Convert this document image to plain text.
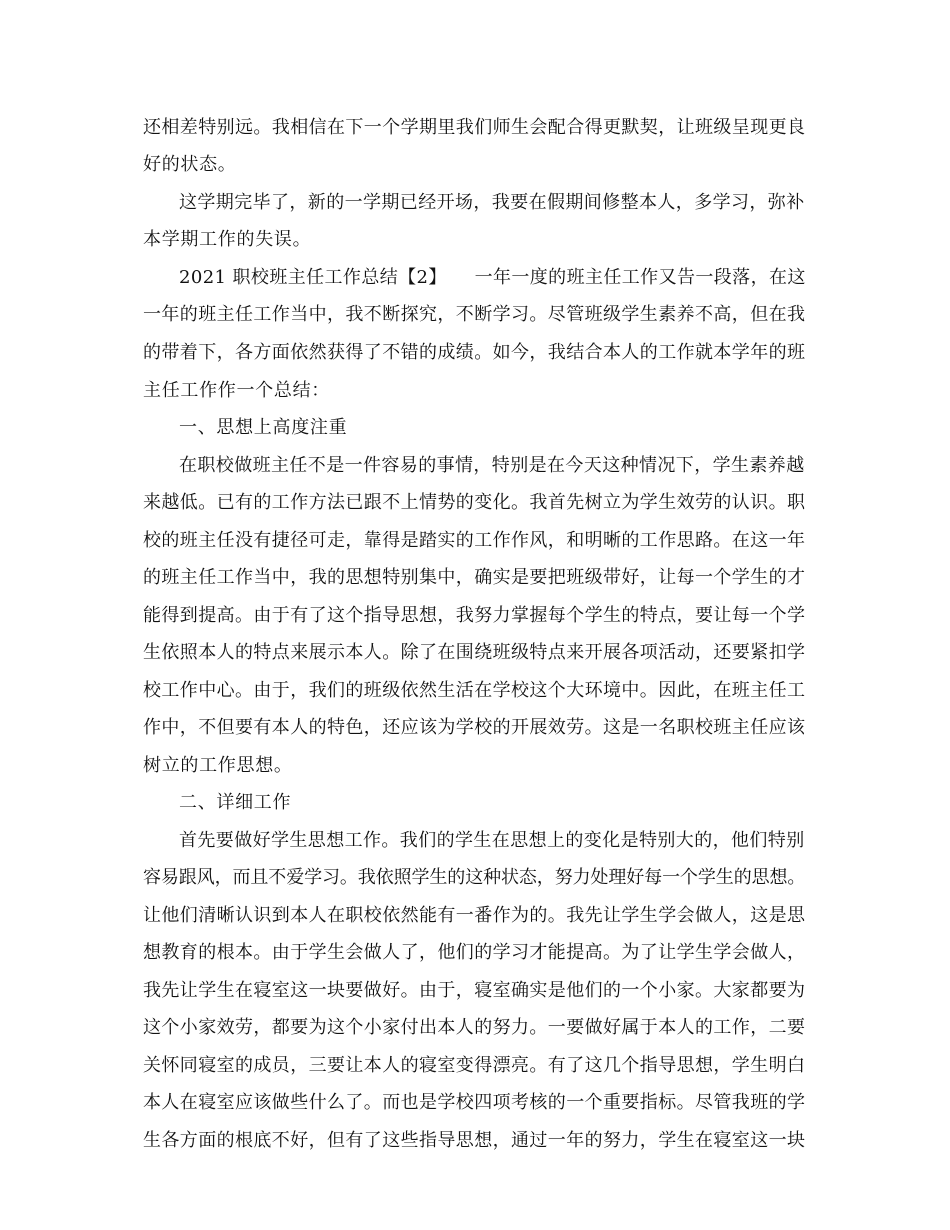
还相差特别远。我相信在下一个学期里我们师生会配合得更默契，让班级呈现更良
好的状态。
这学期完毕了，新的一学期已经开场，我要在假期间修整本人，多学习，弥补
本学期工作的失误。
2021 职校班主任工作总结【2】　　一年一度的班主任工作又告一段落，在这
一年的班主任工作当中，我不断探究，不断学习。尽管班级学生素养不高，但在我
的带着下，各方面依然获得了不错的成绩。如今，我结合本人的工作就本学年的班
主任工作作一个总结：
一、思想上高度注重
在职校做班主任不是一件容易的事情，特别是在今天这种情况下，学生素养越
来越低。已有的工作方法已跟不上情势的变化。我首先树立为学生效劳的认识。职
校的班主任没有捷径可走，靠得是踏实的工作作风，和明晰的工作思路。在这一年
的班主任工作当中，我的思想特别集中，确实是要把班级带好，让每一个学生的才
能得到提高。由于有了这个指导思想，我努力掌握每个学生的特点，要让每一个学
生依照本人的特点来展示本人。除了在围绕班级特点来开展各项活动，还要紧扣学
校工作中心。由于，我们的班级依然生活在学校这个大环境中。因此，在班主任工
作中，不但要有本人的特色，还应该为学校的开展效劳。这是一名职校班主任应该
树立的工作思想。
二、详细工作
首先要做好学生思想工作。我们的学生在思想上的变化是特别大的，他们特别
容易跟风，而且不爱学习。我依照学生的这种状态，努力处理好每一个学生的思想。
让他们清晰认识到本人在职校依然能有一番作为的。我先让学生学会做人，这是思
想教育的根本。由于学生会做人了，他们的学习才能提高。为了让学生学会做人，
我先让学生在寝室这一块要做好。由于，寝室确实是他们的一个小家。大家都要为
这个小家效劳，都要为这个小家付出本人的努力。一要做好属于本人的工作，二要
关怀同寝室的成员，三要让本人的寝室变得漂亮。有了这几个指导思想，学生明白
本人在寝室应该做些什么了。而也是学校四项考核的一个重要指标。尽管我班的学
生各方面的根底不好，但有了这些指导思想，通过一年的努力，学生在寝室这一块
